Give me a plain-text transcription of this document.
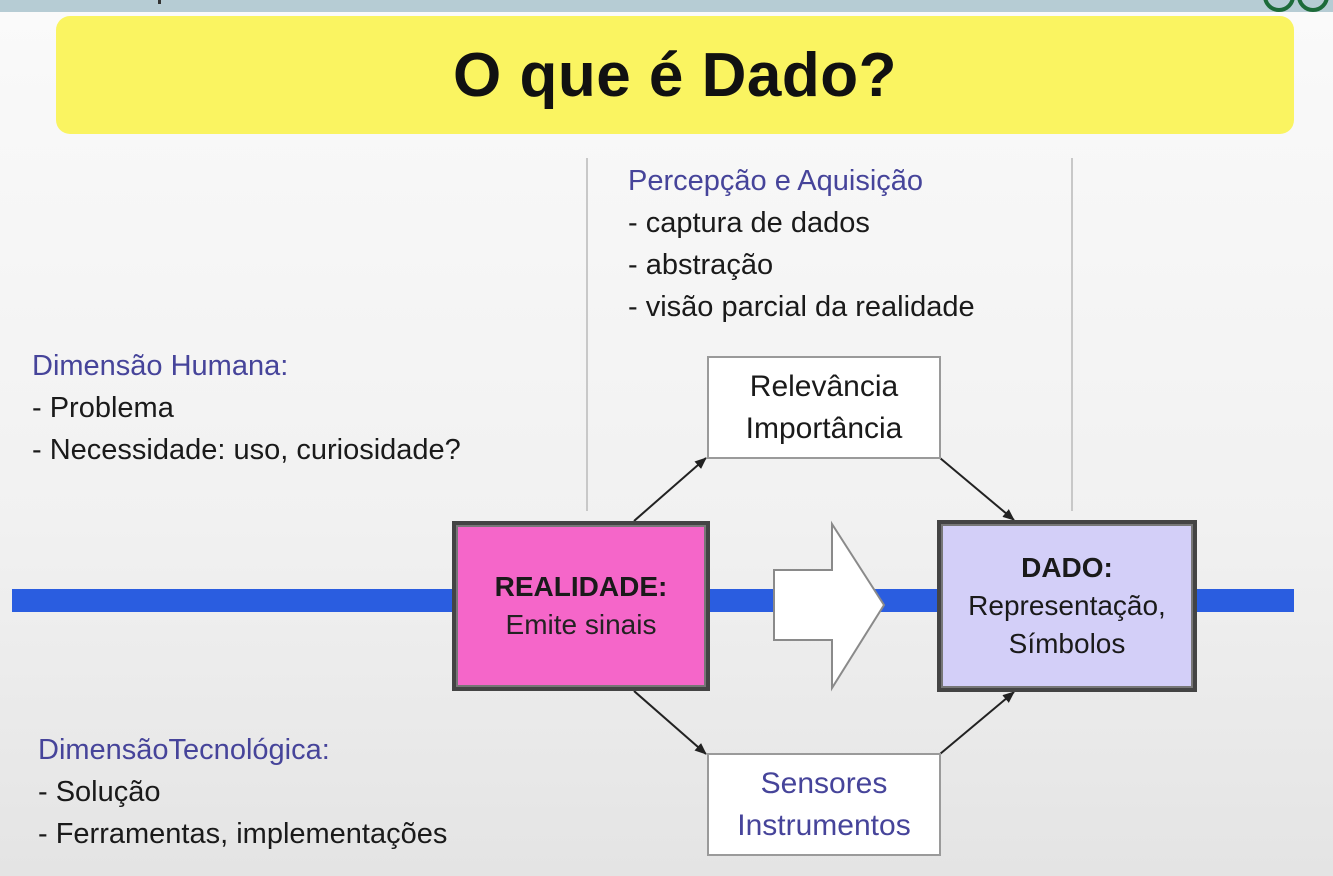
O que é Dado?
Percepção e Aquisição
- captura de dados
- abstração
- visão parcial da realidade
Dimensão Humana:
- Problema
- Necessidade: uso, curiosidade?
DimensãoTecnológica:
- Solução
- Ferramentas, implementações
Relevância
Importância
REALIDADE:
Emite sinais
DADO:
Representação,
Símbolos
Sensores
Instrumentos
